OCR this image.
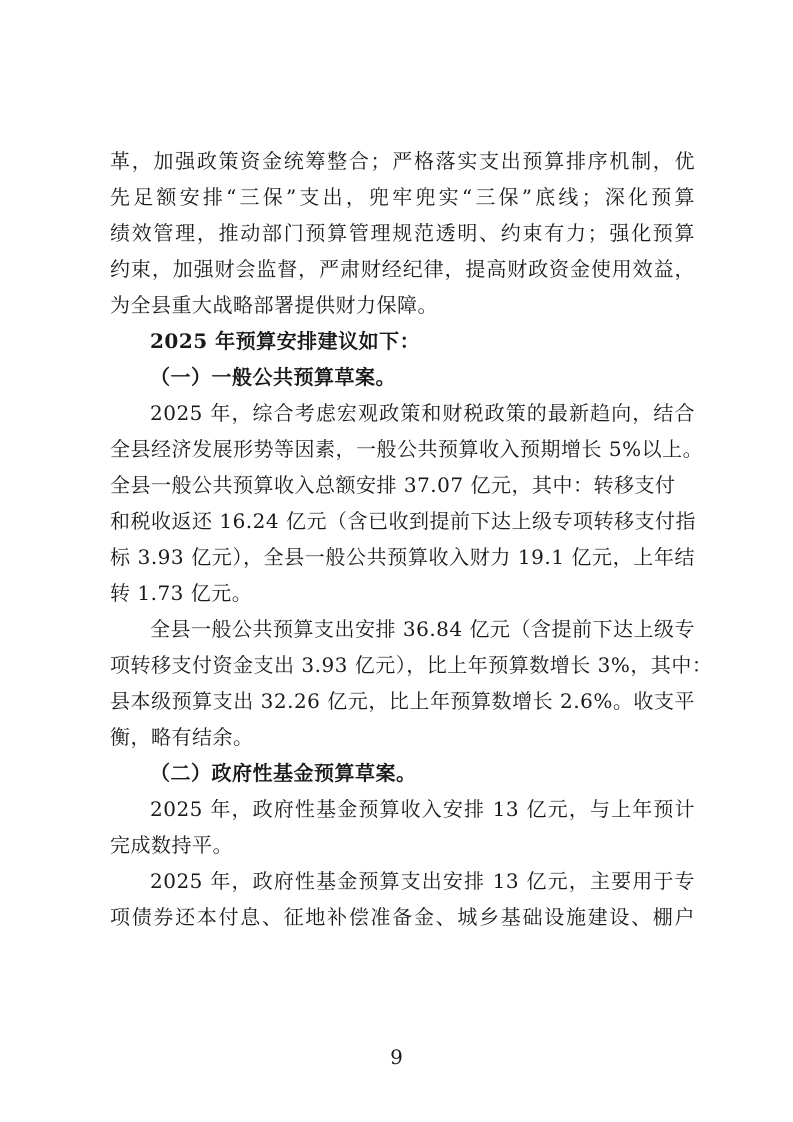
革，加强政策资金统筹整合；严格落实支出预算排序机制，优
先足额安排“三保”支出，兜牢兜实“三保”底线；深化预算
绩效管理，推动部门预算管理规范透明、约束有力；强化预算
约束，加强财会监督，严肃财经纪律，提高财政资金使用效益，
为全县重大战略部署提供财力保障。
2025 年预算安排建议如下：
（一）一般公共预算草案。
2025 年，综合考虑宏观政策和财税政策的最新趋向，结合
全县经济发展形势等因素，一般公共预算收入预期增长 5%以上。
全县一般公共预算收入总额安排 37.07 亿元，其中：转移支付
和税收返还 16.24 亿元（含已收到提前下达上级专项转移支付指
标 3.93 亿元），全县一般公共预算收入财力 19.1 亿元，上年结
转 1.73 亿元。
全县一般公共预算支出安排 36.84 亿元（含提前下达上级专
项转移支付资金支出 3.93 亿元），比上年预算数增长 3%，其中：
县本级预算支出 32.26 亿元，比上年预算数增长 2.6%。收支平
衡，略有结余。
（二）政府性基金预算草案。
2025 年，政府性基金预算收入安排 13 亿元，与上年预计
完成数持平。
2025 年，政府性基金预算支出安排 13 亿元，主要用于专
项债券还本付息、征地补偿准备金、城乡基础设施建设、棚户
9
